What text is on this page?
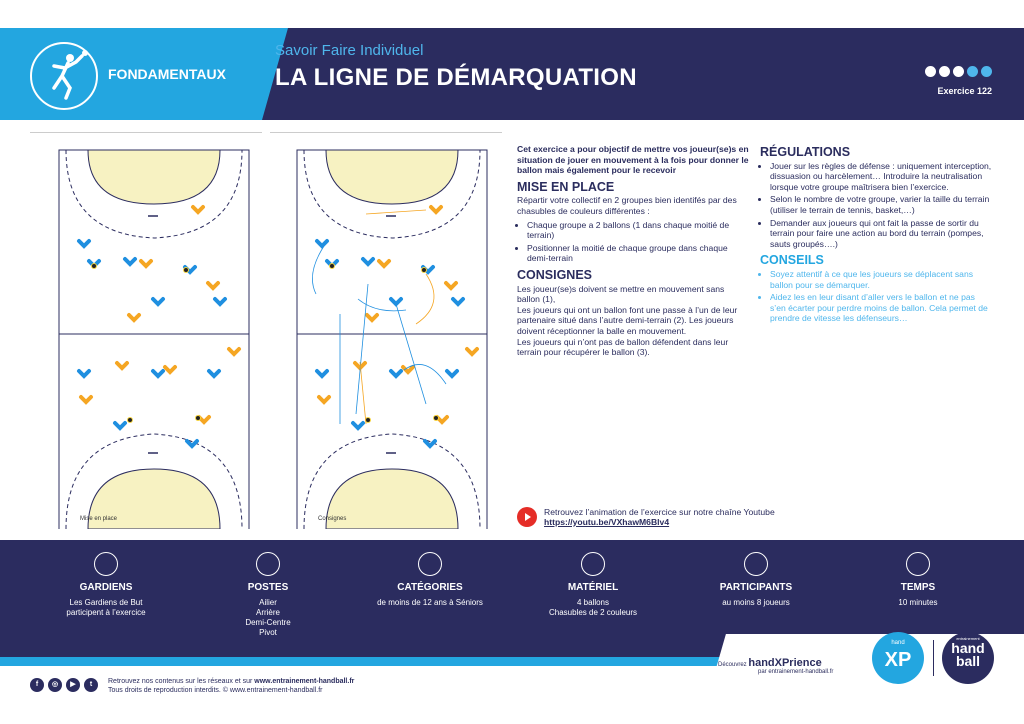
FONDAMENTAUX
Savoir Faire Individuel
LA LIGNE DE DÉMARQUATION	Exercice 122
Mise en place	Consignes

Cet exercice a pour objectif de mettre vos joueur(se)s en situation de jouer en mouvement à la fois pour donner le ballon mais également pour le recevoir

MISE EN PLACE

Répartir votre collectif en 2 groupes bien identifés par des chasubles de couleurs différentes :

• Chaque groupe a 2 ballons (1 dans chaque moitié de terrain)
• Positionner la moitié de chaque groupe dans chaque demi-terrain
CONSIGNES

Les joueur(se)s doivent se mettre en mouvement sans ballon (1),
Les joueurs qui ont un ballon font une passe à l’un de leur partenaire situé dans l’autre demi-terrain (2). Les joueurs doivent réceptionner la balle en mouvement.
Les joueurs qui n’ont pas de ballon défendent dans leur terrain pour récupérer le ballon (3).

RÉGULATIONS
• Jouer sur les règles de défense : uniquement interception, dissuasion ou harcèlement… Introduire la neutralisation lorsque votre groupe maîtrisera bien l’exercice.
• Selon le nombre de votre groupe, varier la taille du terrain (utiliser le terrain de tennis, basket,…)
• Demander aux joueurs qui ont fait la passe de sortir du terrain pour faire une action au bord du terrain (pompes, sauts groupés….)
CONSEILS
• Soyez attentif à ce que les joueurs se déplacent sans ballon pour se démarquer.
• Aidez les en leur disant d’aller vers le ballon et ne pas s’en écarter pour perdre moins de ballon. Cela permet de prendre de vitesse les défenseurs…
Retrouvez l’animation de l’exercice sur notre chaîne Youtube
https://youtu.be/VXhawM6Blv4
GARDIENS
Les Gardiens de But
participent à l’exercice
POSTES
Ailier
Arrière
Demi-Centre
Pivot
CATÉGORIES
de moins de 12 ans à Séniors
MATÉRIEL
4 ballons
Chasubles de 2 couleurs
PARTICIPANTS
au moins 8 joueurs
TEMPS
10 minutes
Découvrez handXPrience
par entrainement-handball.fr
hand
XP
entrainement
hand
ball
f	◎	▶	t	Retrouvez nos contenus sur les réseaux et sur www.entrainement-handball.fr
Tous droits de reproduction interdits. © www.entrainement-handball.fr
